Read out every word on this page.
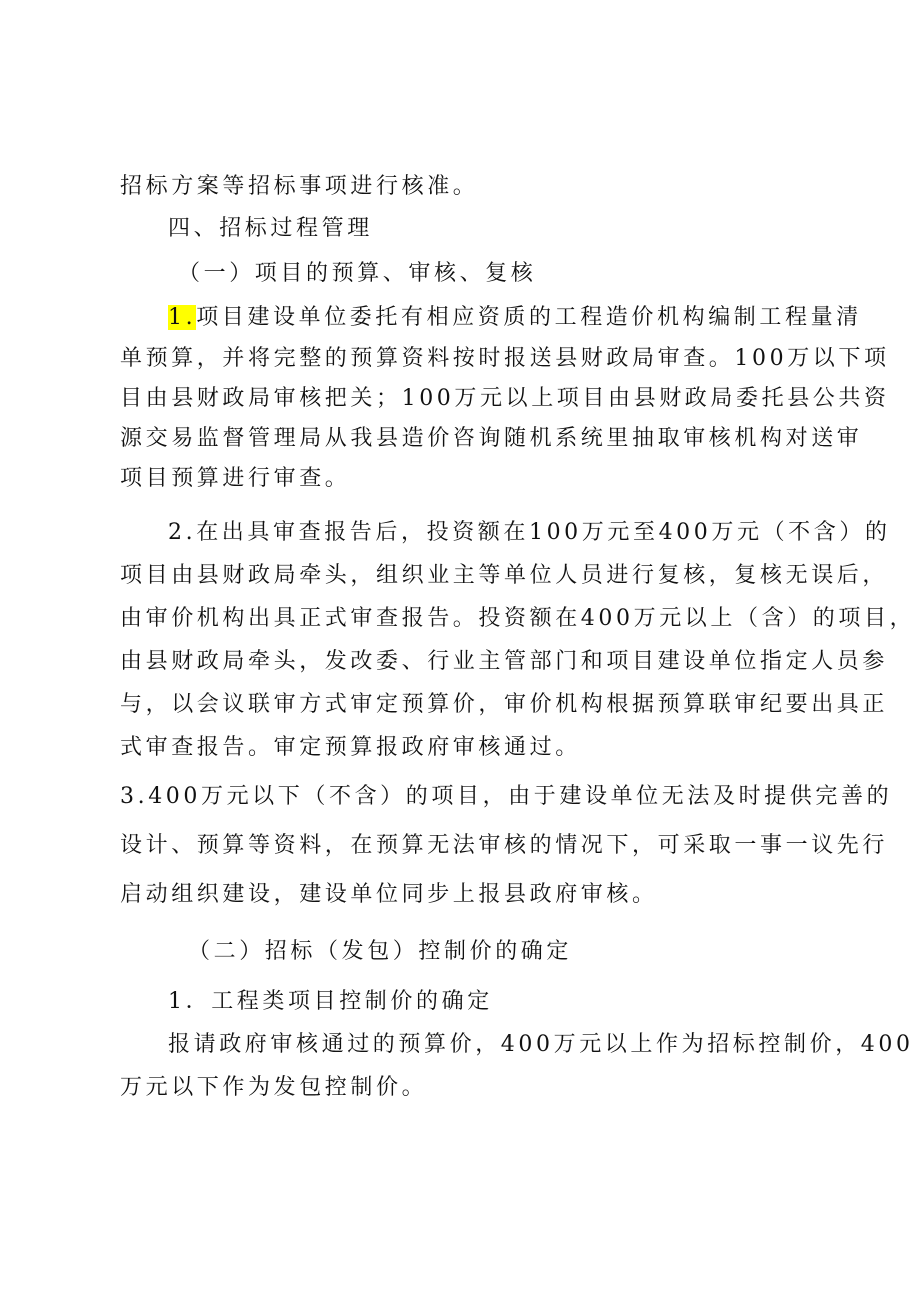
招标方案等招标事项进行核准。
四、招标过程管理
（一）项目的预算、审核、复核
1.项目建设单位委托有相应资质的工程造价机构编制工程量清
单预算，并将完整的预算资料按时报送县财政局审查。100万以下项
目由县财政局审核把关；100万元以上项目由县财政局委托县公共资
源交易监督管理局从我县造价咨询随机系统里抽取审核机构对送审
项目预算进行审查。
2.在出具审查报告后，投资额在100万元至400万元（不含）的
项目由县财政局牵头，组织业主等单位人员进行复核，复核无误后，
由审价机构出具正式审查报告。投资额在400万元以上（含）的项目，
由县财政局牵头，发改委、行业主管部门和项目建设单位指定人员参
与，以会议联审方式审定预算价，审价机构根据预算联审纪要出具正
式审查报告。审定预算报政府审核通过。
3.400万元以下（不含）的项目，由于建设单位无法及时提供完善的
设计、预算等资料，在预算无法审核的情况下，可采取一事一议先行
启动组织建设，建设单位同步上报县政府审核。
（二）招标（发包）控制价的确定
1．工程类项目控制价的确定
报请政府审核通过的预算价，400万元以上作为招标控制价，400
万元以下作为发包控制价。
